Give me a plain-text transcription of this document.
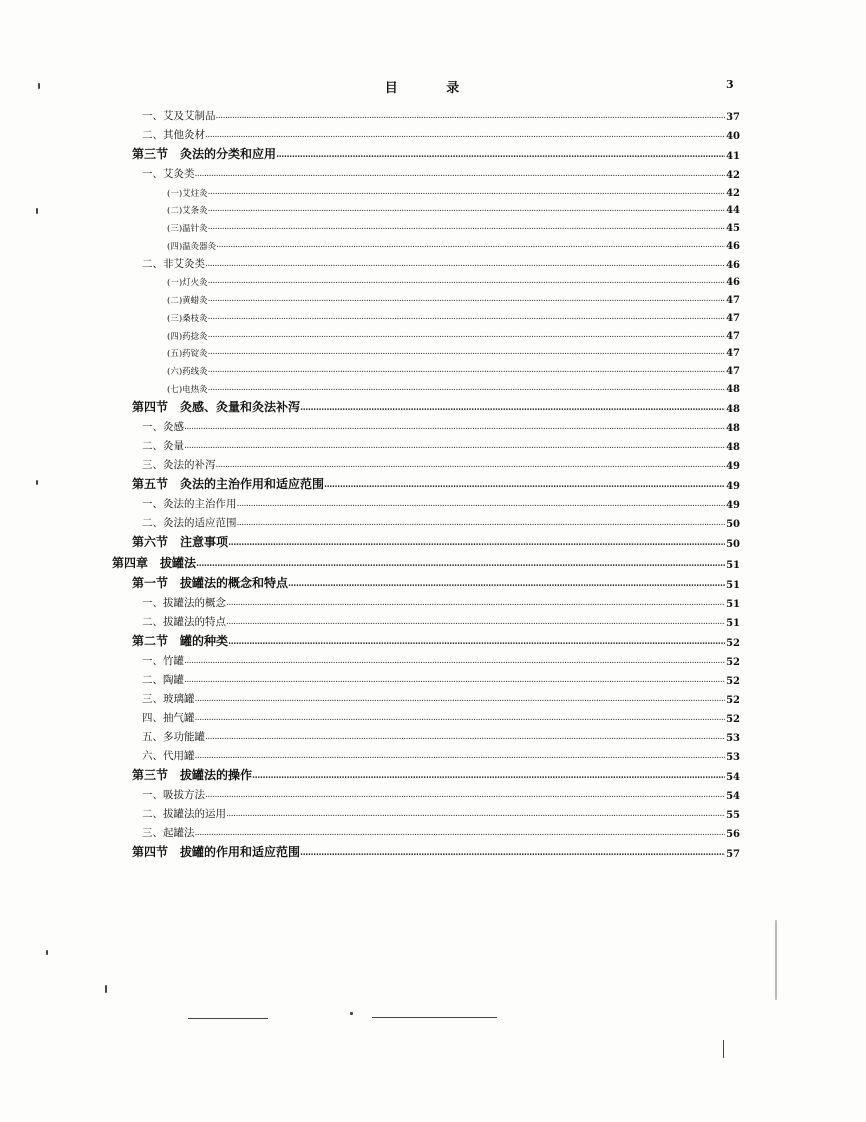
目 录	3
一、艾及艾制品 .....	37
二、其他灸材 .....	40
第三节　灸法的分类和应用 .....	41
一、艾灸类 .....	42
(一)艾炷灸 .....	42
(二)艾条灸 .....	44
(三)温针灸 .....	45
(四)温灸器灸 .....	46
二、非艾灸类 .....	46
(一)灯火灸 .....	46
(二)黄蜡灸 .....	47
(三)桑枝灸 .....	47
(四)药捻灸 .....	47
(五)药锭灸 .....	47
(六)药线灸 .....	47
(七)电热灸 .....	48
第四节　灸感、灸量和灸法补泻 .....	48
一、灸感 .....	48
二、灸量 .....	48
三、灸法的补泻 .....	49
第五节　灸法的主治作用和适应范围 .....	49
一、灸法的主治作用 .....	49
二、灸法的适应范围 .....	50
第六节　注意事项 .....	50
第四章　拔罐法 .....	51
第一节　拔罐法的概念和特点 .....	51
一、拔罐法的概念 .....	51
二、拔罐法的特点 .....	51
第二节　罐的种类 .....	52
一、竹罐 .....	52
二、陶罐 .....	52
三、玻璃罐 .....	52
四、抽气罐 .....	52
五、多功能罐 .....	53
六、代用罐 .....	53
第三节　拔罐法的操作 .....	54
一、吸拔方法 .....	54
二、拔罐法的运用 .....	55
三、起罐法 .....	56
第四节　拔罐的作用和适应范围 .....	57
